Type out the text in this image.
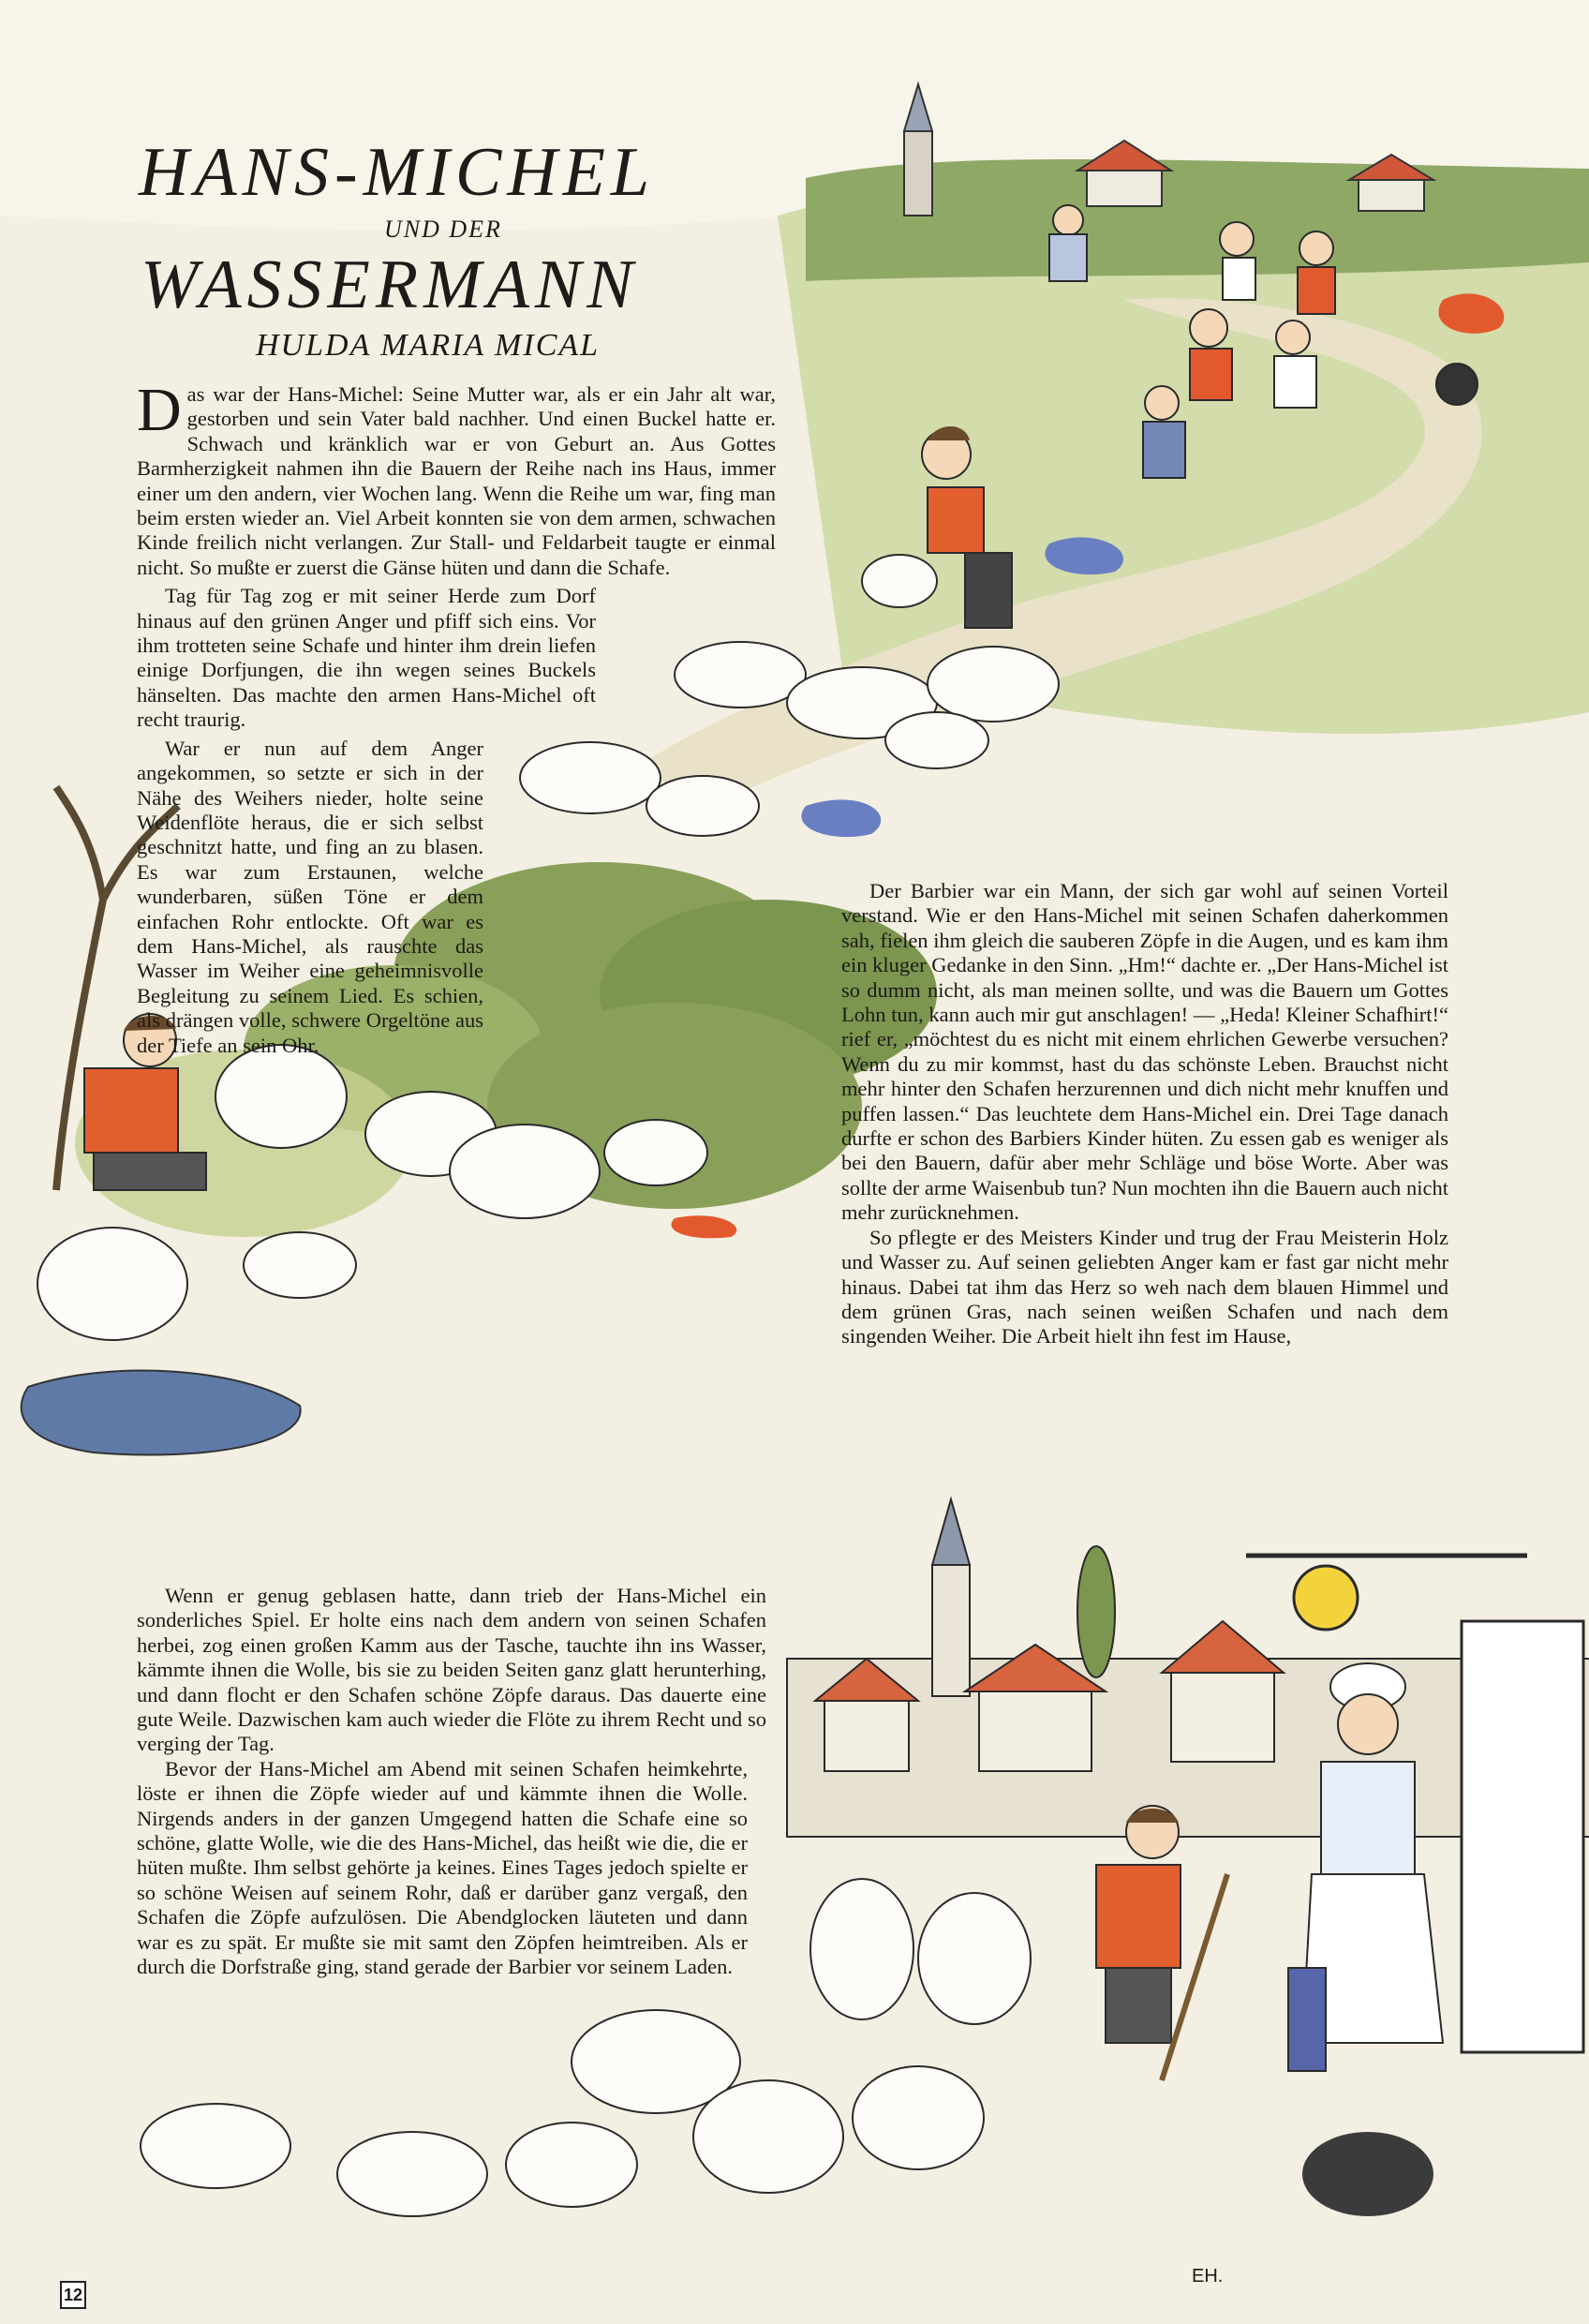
HANS-MICHEL
UND DER
WASSERMANN
HULDA MARIA MICAL

Das war der Hans-Michel: Seine Mutter war, als er ein Jahr alt war, gestorben und sein Vater bald nachher. Und einen Buckel hatte er. Schwach und kränklich war er von Geburt an. Aus Gottes Barmherzigkeit nahmen ihn die Bauern der Reihe nach ins Haus, immer einer um den andern, vier Wochen lang. Wenn die Reihe um war, fing man beim ersten wieder an. Viel Arbeit konnten sie von dem armen, schwachen Kinde freilich nicht verlangen. Zur Stall- und Feldarbeit taugte er einmal nicht. So mußte er zuerst die Gänse hüten und dann die Schafe.

Tag für Tag zog er mit seiner Herde zum Dorf hinaus auf den grünen Anger und pfiff sich eins. Vor ihm trotteten seine Schafe und hinter ihm drein liefen einige Dorfjungen, die ihn wegen seines Buckels hänselten. Das machte den armen Hans-Michel oft recht traurig.

War er nun auf dem Anger angekommen, so setzte er sich in der Nähe des Weihers nieder, holte seine Weidenflöte heraus, die er sich selbst geschnitzt hatte, und fing an zu blasen. Es war zum Erstaunen, welche wunderbaren, süßen Töne er dem einfachen Rohr entlockte. Oft war es dem Hans-Michel, als rauschte das Wasser im Weiher eine geheimnisvolle Begleitung zu seinem Lied. Es schien, als drängen volle, schwere Orgeltöne aus der Tiefe an sein Ohr.

Wenn er genug geblasen hatte, dann trieb der Hans-Michel ein sonderliches Spiel. Er holte eins nach dem andern von seinen Schafen herbei, zog einen großen Kamm aus der Tasche, tauchte ihn ins Wasser, kämmte ihnen die Wolle, bis sie zu beiden Seiten ganz glatt herunterhing, und dann flocht er den Schafen schöne Zöpfe daraus. Das dauerte eine gute Weile. Dazwischen kam auch wieder die Flöte zu ihrem Recht und so verging der Tag.

Bevor der Hans-Michel am Abend mit seinen Schafen heimkehrte, löste er ihnen die Zöpfe wieder auf und kämmte ihnen die Wolle. Nirgends anders in der ganzen Umgegend hatten die Schafe eine so schöne, glatte Wolle, wie die des Hans-Michel, das heißt wie die, die er hüten mußte. Ihm selbst gehörte ja keines. Eines Tages jedoch spielte er so schöne Weisen auf seinem Rohr, daß er darüber ganz vergaß, den Schafen die Zöpfe aufzulösen. Die Abendglocken läuteten und dann war es zu spät. Er mußte sie mit samt den Zöpfen heimtreiben. Als er durch die Dorfstraße ging, stand gerade der Barbier vor seinem Laden.

Der Barbier war ein Mann, der sich gar wohl auf seinen Vorteil verstand. Wie er den Hans-Michel mit seinen Schafen daherkommen sah, fielen ihm gleich die sauberen Zöpfe in die Augen, und es kam ihm ein kluger Gedanke in den Sinn. „Hm!“ dachte er. „Der Hans-Michel ist so dumm nicht, als man meinen sollte, und was die Bauern um Gottes Lohn tun, kann auch mir gut anschlagen! — „Heda! Kleiner Schafhirt!“ rief er, „möchtest du es nicht mit einem ehrlichen Gewerbe versuchen? Wenn du zu mir kommst, hast du das schönste Leben. Brauchst nicht mehr hinter den Schafen herzurennen und dich nicht mehr knuffen und puffen lassen.“ Das leuchtete dem Hans-Michel ein. Drei Tage danach durfte er schon des Barbiers Kinder hüten. Zu essen gab es weniger als bei den Bauern, dafür aber mehr Schläge und böse Worte. Aber was sollte der arme Waisenbub tun? Nun mochten ihn die Bauern auch nicht mehr zurücknehmen.

So pflegte er des Meisters Kinder und trug der Frau Meisterin Holz und Wasser zu. Auf seinen geliebten Anger kam er fast gar nicht mehr hinaus. Dabei tat ihm das Herz so weh nach dem blauen Himmel und dem grünen Gras, nach seinen weißen Schafen und nach dem singenden Weiher. Die Arbeit hielt ihn fest im Hause,

EH.
12
